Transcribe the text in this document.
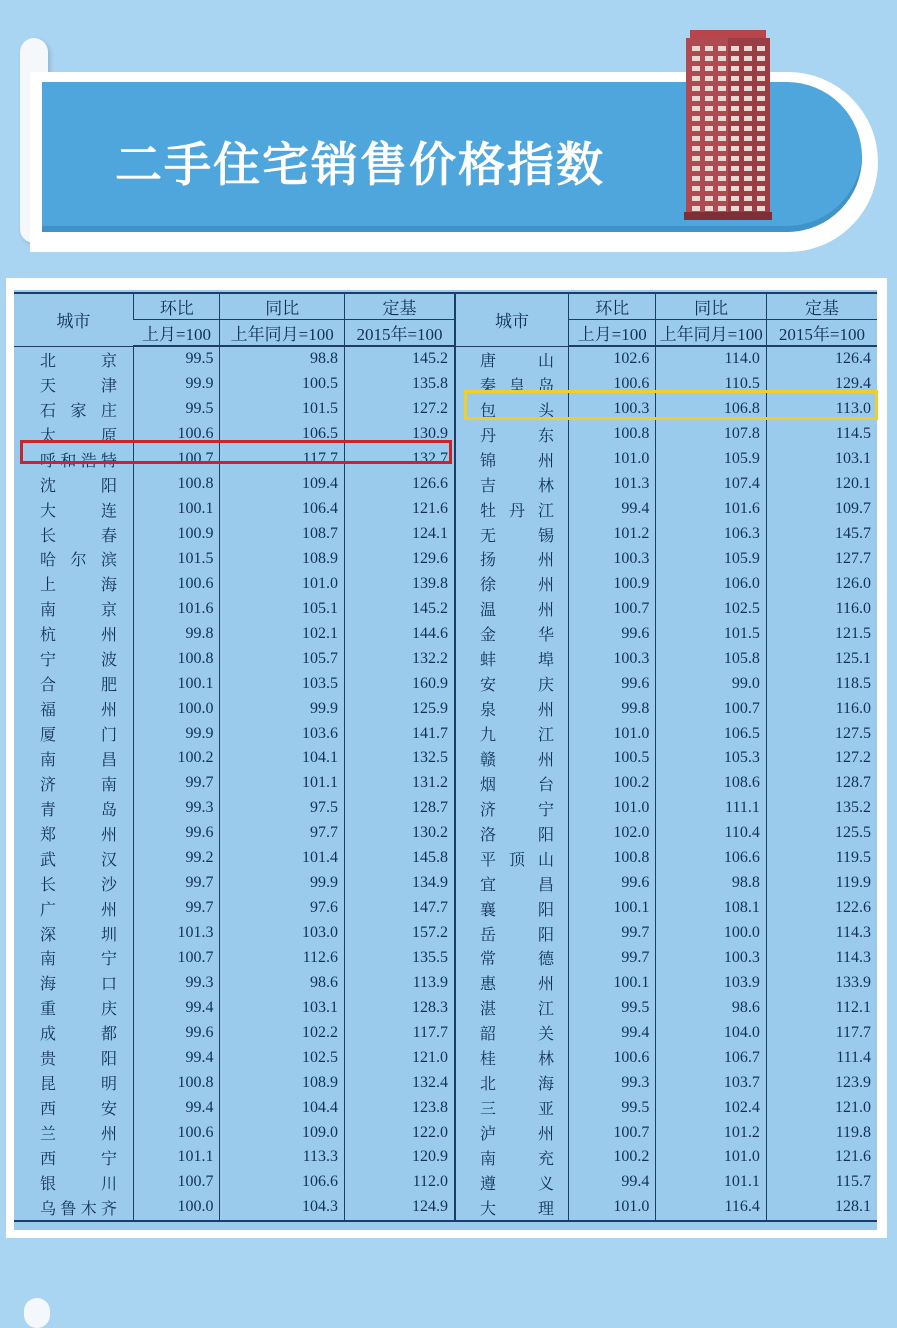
二手住宅销售价格指数
城市	环比	同比	定基	城市	环比	同比	定基
	上月=100	上年同月=100	2015年=100		上月=100	上年同月=100	2015年=100
北京	99.5	98.8	145.2	唐山	102.6	114.0	126.4
天津	99.9	100.5	135.8	秦皇岛	100.6	110.5	129.4
石家庄	99.5	101.5	127.2	包头	100.3	106.8	113.0
太原	100.6	106.5	130.9	丹东	100.8	107.8	114.5
呼和浩特	100.7	117.7	132.7	锦州	101.0	105.9	103.1
沈阳	100.8	109.4	126.6	吉林	101.3	107.4	120.1
大连	100.1	106.4	121.6	牡丹江	99.4	101.6	109.7
长春	100.9	108.7	124.1	无锡	101.2	106.3	145.7
哈尔滨	101.5	108.9	129.6	扬州	100.3	105.9	127.7
上海	100.6	101.0	139.8	徐州	100.9	106.0	126.0
南京	101.6	105.1	145.2	温州	100.7	102.5	116.0
杭州	99.8	102.1	144.6	金华	99.6	101.5	121.5
宁波	100.8	105.7	132.2	蚌埠	100.3	105.8	125.1
合肥	100.1	103.5	160.9	安庆	99.6	99.0	118.5
福州	100.0	99.9	125.9	泉州	99.8	100.7	116.0
厦门	99.9	103.6	141.7	九江	101.0	106.5	127.5
南昌	100.2	104.1	132.5	赣州	100.5	105.3	127.2
济南	99.7	101.1	131.2	烟台	100.2	108.6	128.7
青岛	99.3	97.5	128.7	济宁	101.0	111.1	135.2
郑州	99.6	97.7	130.2	洛阳	102.0	110.4	125.5
武汉	99.2	101.4	145.8	平顶山	100.8	106.6	119.5
长沙	99.7	99.9	134.9	宜昌	99.6	98.8	119.9
广州	99.7	97.6	147.7	襄阳	100.1	108.1	122.6
深圳	101.3	103.0	157.2	岳阳	99.7	100.0	114.3
南宁	100.7	112.6	135.5	常德	99.7	100.3	114.3
海口	99.3	98.6	113.9	惠州	100.1	103.9	133.9
重庆	99.4	103.1	128.3	湛江	99.5	98.6	112.1
成都	99.6	102.2	117.7	韶关	99.4	104.0	117.7
贵阳	99.4	102.5	121.0	桂林	100.6	106.7	111.4
昆明	100.8	108.9	132.4	北海	99.3	103.7	123.9
西安	99.4	104.4	123.8	三亚	99.5	102.4	121.0
兰州	100.6	109.0	122.0	泸州	100.7	101.2	119.8
西宁	101.1	113.3	120.9	南充	100.2	101.0	121.6
银川	100.7	106.6	112.0	遵义	99.4	101.1	115.7
乌鲁木齐	100.0	104.3	124.9	大理	101.0	116.4	128.1
